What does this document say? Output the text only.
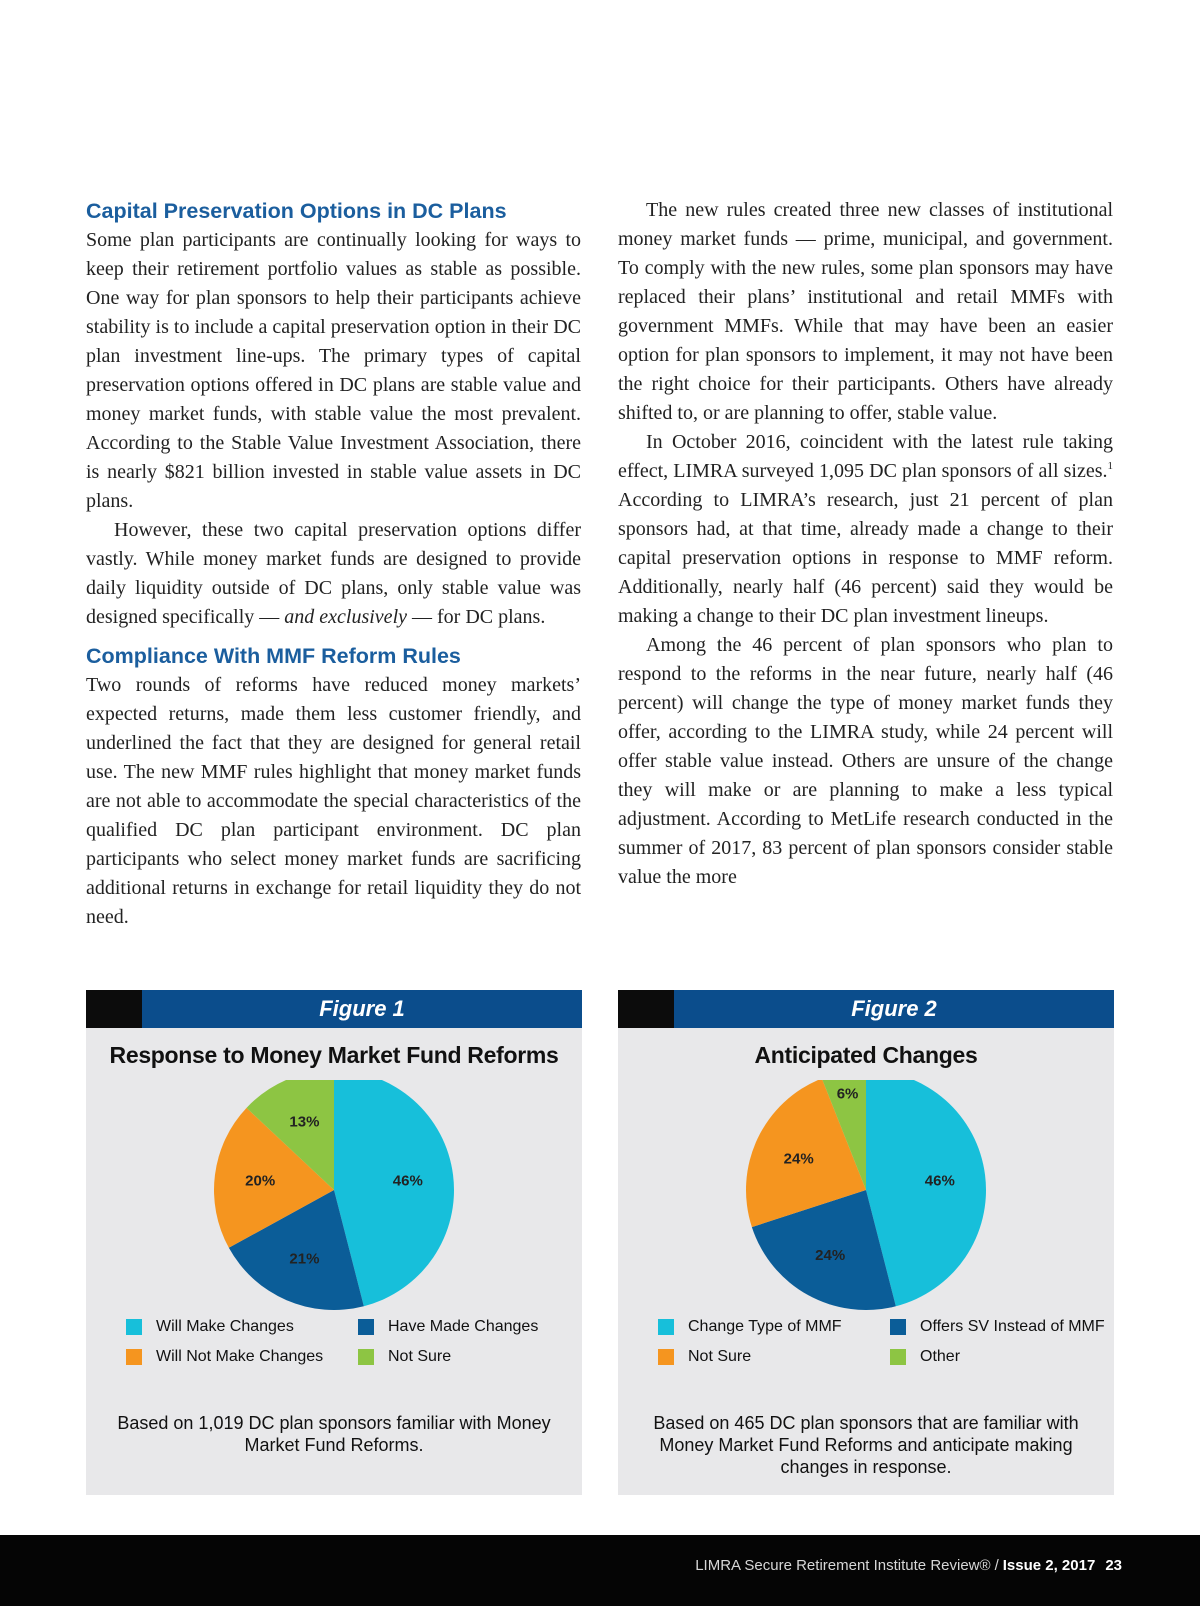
Capital Preservation Options in DC Plans

Some plan participants are continually looking for ways to keep their retirement portfolio values as stable as possible. One way for plan sponsors to help their participants achieve stability is to include a capital preservation option in their DC plan investment line-ups. The primary types of capital preservation options offered in DC plans are stable value and money market funds, with stable value the most prevalent. According to the Stable Value Investment Association, there is nearly $821 billion invested in stable value assets in DC plans.

However, these two capital preservation options differ vastly. While money market funds are designed to provide daily liquidity outside of DC plans, only stable value was designed specifically — and exclusively — for DC plans.

Compliance With MMF Reform Rules

Two rounds of reforms have reduced money markets’ expected returns, made them less customer friendly, and underlined the fact that they are designed for general retail use. The new MMF rules highlight that money market funds are not able to accommodate the special characteristics of the qualified DC plan participant environment. DC plan participants who select money market funds are sacrificing additional returns in exchange for retail liquidity they do not need.

The new rules created three new classes of institutional money market funds — prime, municipal, and government. To comply with the new rules, some plan sponsors may have replaced their plans’ institutional and retail MMFs with government MMFs. While that may have been an easier option for plan sponsors to implement, it may not have been the right choice for their participants. Others have already shifted to, or are planning to offer, stable value.

In October 2016, coincident with the latest rule taking effect, LIMRA surveyed 1,095 DC plan sponsors of all sizes.$^1$ According to LIMRA’s research, just 21 percent of plan sponsors had, at that time, already made a change to their capital preservation options in response to MMF reform. Additionally, nearly half (46 percent) said they would be making a change to their DC plan investment lineups.

Among the 46 percent of plan sponsors who plan to respond to the reforms in the near future, nearly half (46 percent) will change the type of money market funds they offer, according to the LIMRA study, while 24 percent will offer stable value instead. Others are unsure of the change they will make or are planning to make a less typical adjustment. According to MetLife research conducted in the summer of 2017, 83 percent of plan sponsors consider stable value the more

Figure 1
Response to Money Market Fund Reforms
46%
21%
20%
13%
Will Make Changes	Have Made Changes
Will Not Make Changes	Not Sure
Based on 1,019 DC plan sponsors familiar with Money Market Fund Reforms.
Figure 2
Anticipated Changes
46%
24%
24%
6%
Change Type of MMF	Offers SV Instead of MMF
Not Sure	Other
Based on 465 DC plan sponsors that are familiar with Money Market Fund Reforms and anticipate making changes in response.
LIMRA Secure Retirement Institute Review® / Issue 2, 2017 23
